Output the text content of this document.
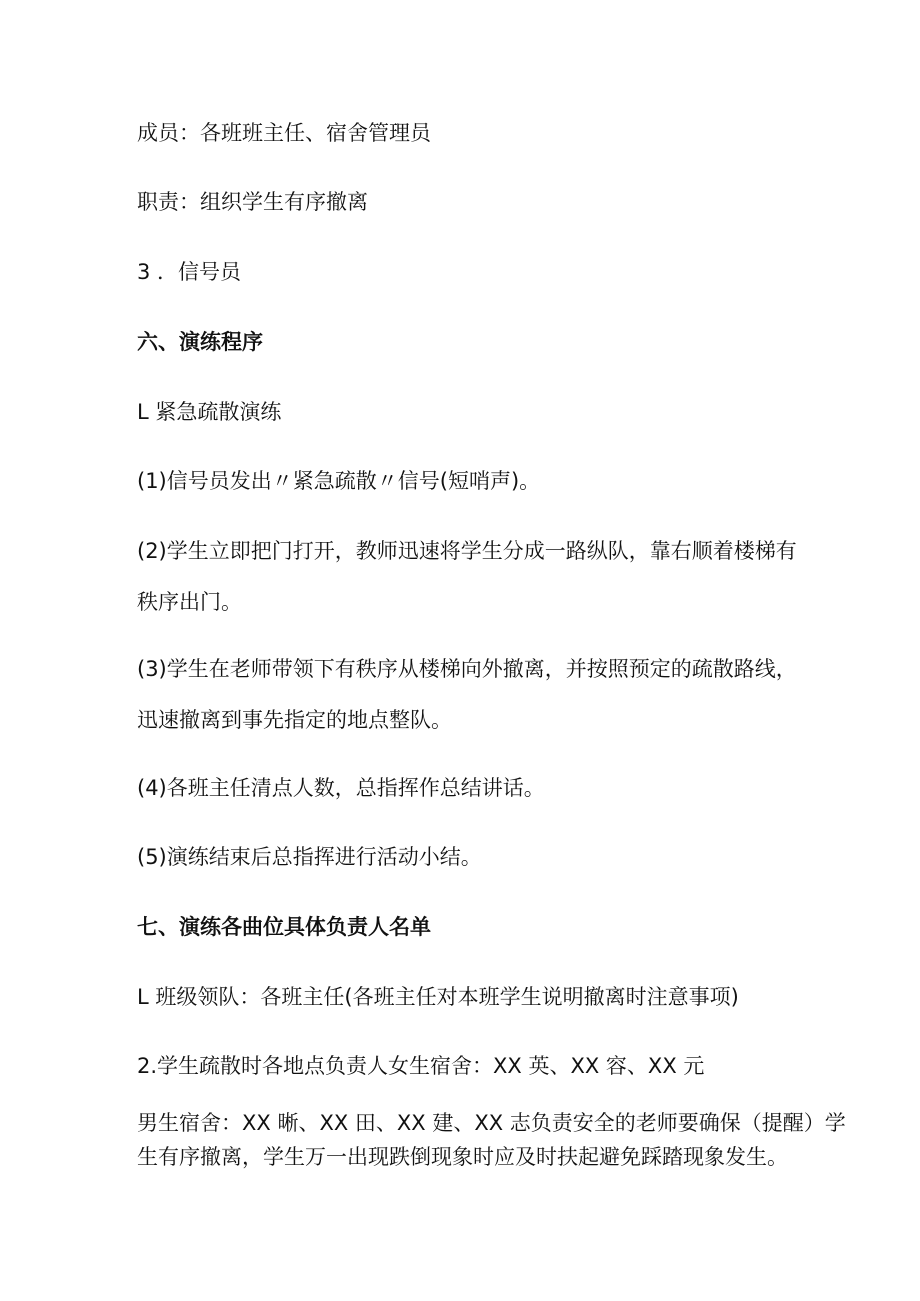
成员：各班班主任、宿舍管理员
职责：组织学生有序撤离
3 ．信号员
六、演练程序
L 紧急疏散演练
(1)信号员发出〃紧急疏散〃信号(短哨声)。
(2)学生立即把门打开，教师迅速将学生分成一路纵队，靠右顺着楼梯有
秩序出门。
(3)学生在老师带领下有秩序从楼梯向外撤离，并按照预定的疏散路线，
迅速撤离到事先指定的地点整队。
(4)各班主任清点人数，总指挥作总结讲话。
(5)演练结束后总指挥进行活动小结。
七、演练各曲位具体负责人名单
L 班级领队：各班主任(各班主任对本班学生说明撤离时注意事项)
2.学生疏散时各地点负责人女生宿舍：XX 英、XX 容、XX 元
男生宿舍：XX 晰、XX 田、XX 建、XX 志负责安全的老师要确保（提醒）学
生有序撤离，学生万一出现跌倒现象时应及时扶起避免踩踏现象发生。
